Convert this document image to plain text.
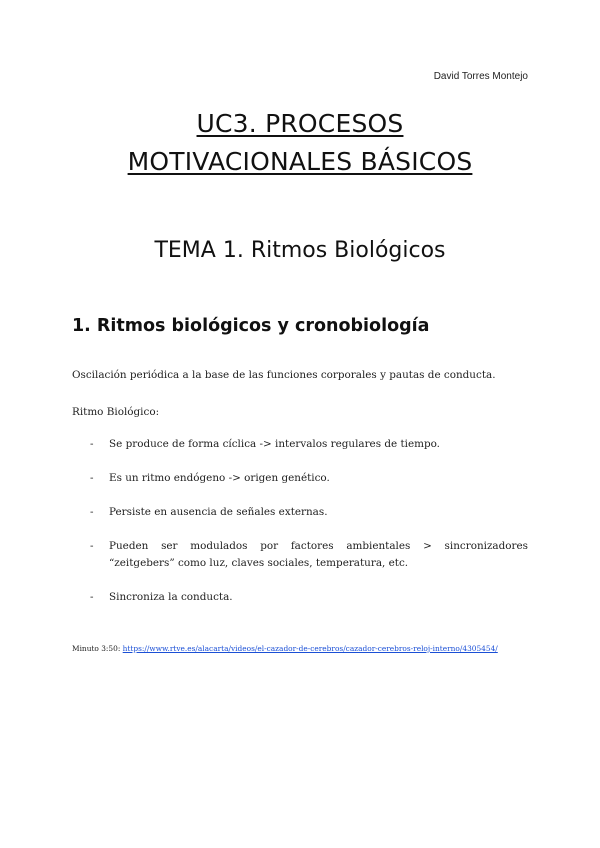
David Torres Montejo
UC3. PROCESOS
MOTIVACIONALES BÁSICOS
TEMA 1. Ritmos Biológicos
1. Ritmos biológicos y cronobiología
Oscilación periódica a la base de las funciones corporales y pautas de conducta.
Ritmo Biológico:
- Se produce de forma cíclica -> intervalos regulares de tiempo.
- Es un ritmo endógeno -> origen genético.
- Persiste en ausencia de señales externas.
- Pueden ser modulados por factores ambientales > sincronizadores “zeitgebers” como luz, claves sociales, temperatura, etc.
- Sincroniza la conducta.
Minuto 3:50: https://www.rtve.es/alacarta/videos/el-cazador-de-cerebros/cazador-cerebros-reloj-interno/4305454/
